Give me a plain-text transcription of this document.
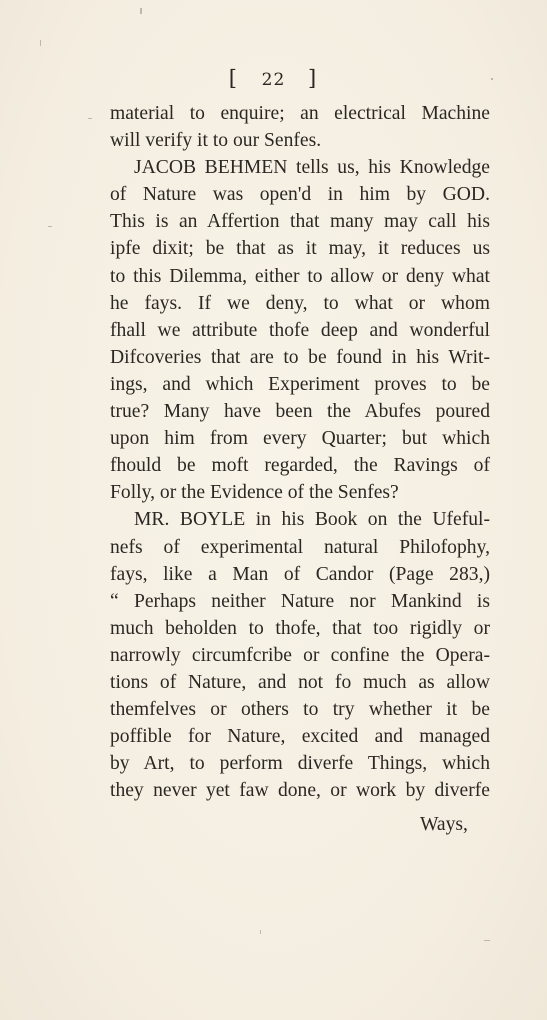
[ 22 ]
material to enquire; an electrical Machine
will verify it to our Senfes.
JACOB BEHMEN tells us, his Knowledge
of Nature was open'd in him by GOD.
This is an Affertion that many may call his
ipfe dixit; be that as it may, it reduces us
to this Dilemma, either to allow or deny what
he fays. If we deny, to what or whom
fhall we attribute thofe deep and wonderful
Difcoveries that are to be found in his Writ-
ings, and which Experiment proves to be
true? Many have been the Abufes poured
upon him from every Quarter; but which
fhould be moft regarded, the Ravings of
Folly, or the Evidence of the Senfes?
MR. BOYLE in his Book on the Ufeful-
nefs of experimental natural Philofophy,
fays, like a Man of Candor (Page 283,)
“ Perhaps neither Nature nor Mankind is
much beholden to thofe, that too rigidly or
narrowly circumfcribe or confine the Opera-
tions of Nature, and not fo much as allow
themfelves or others to try whether it be
poffible for Nature, excited and managed
by Art, to perform diverfe Things, which
they never yet faw done, or work by diverfe
Ways,
